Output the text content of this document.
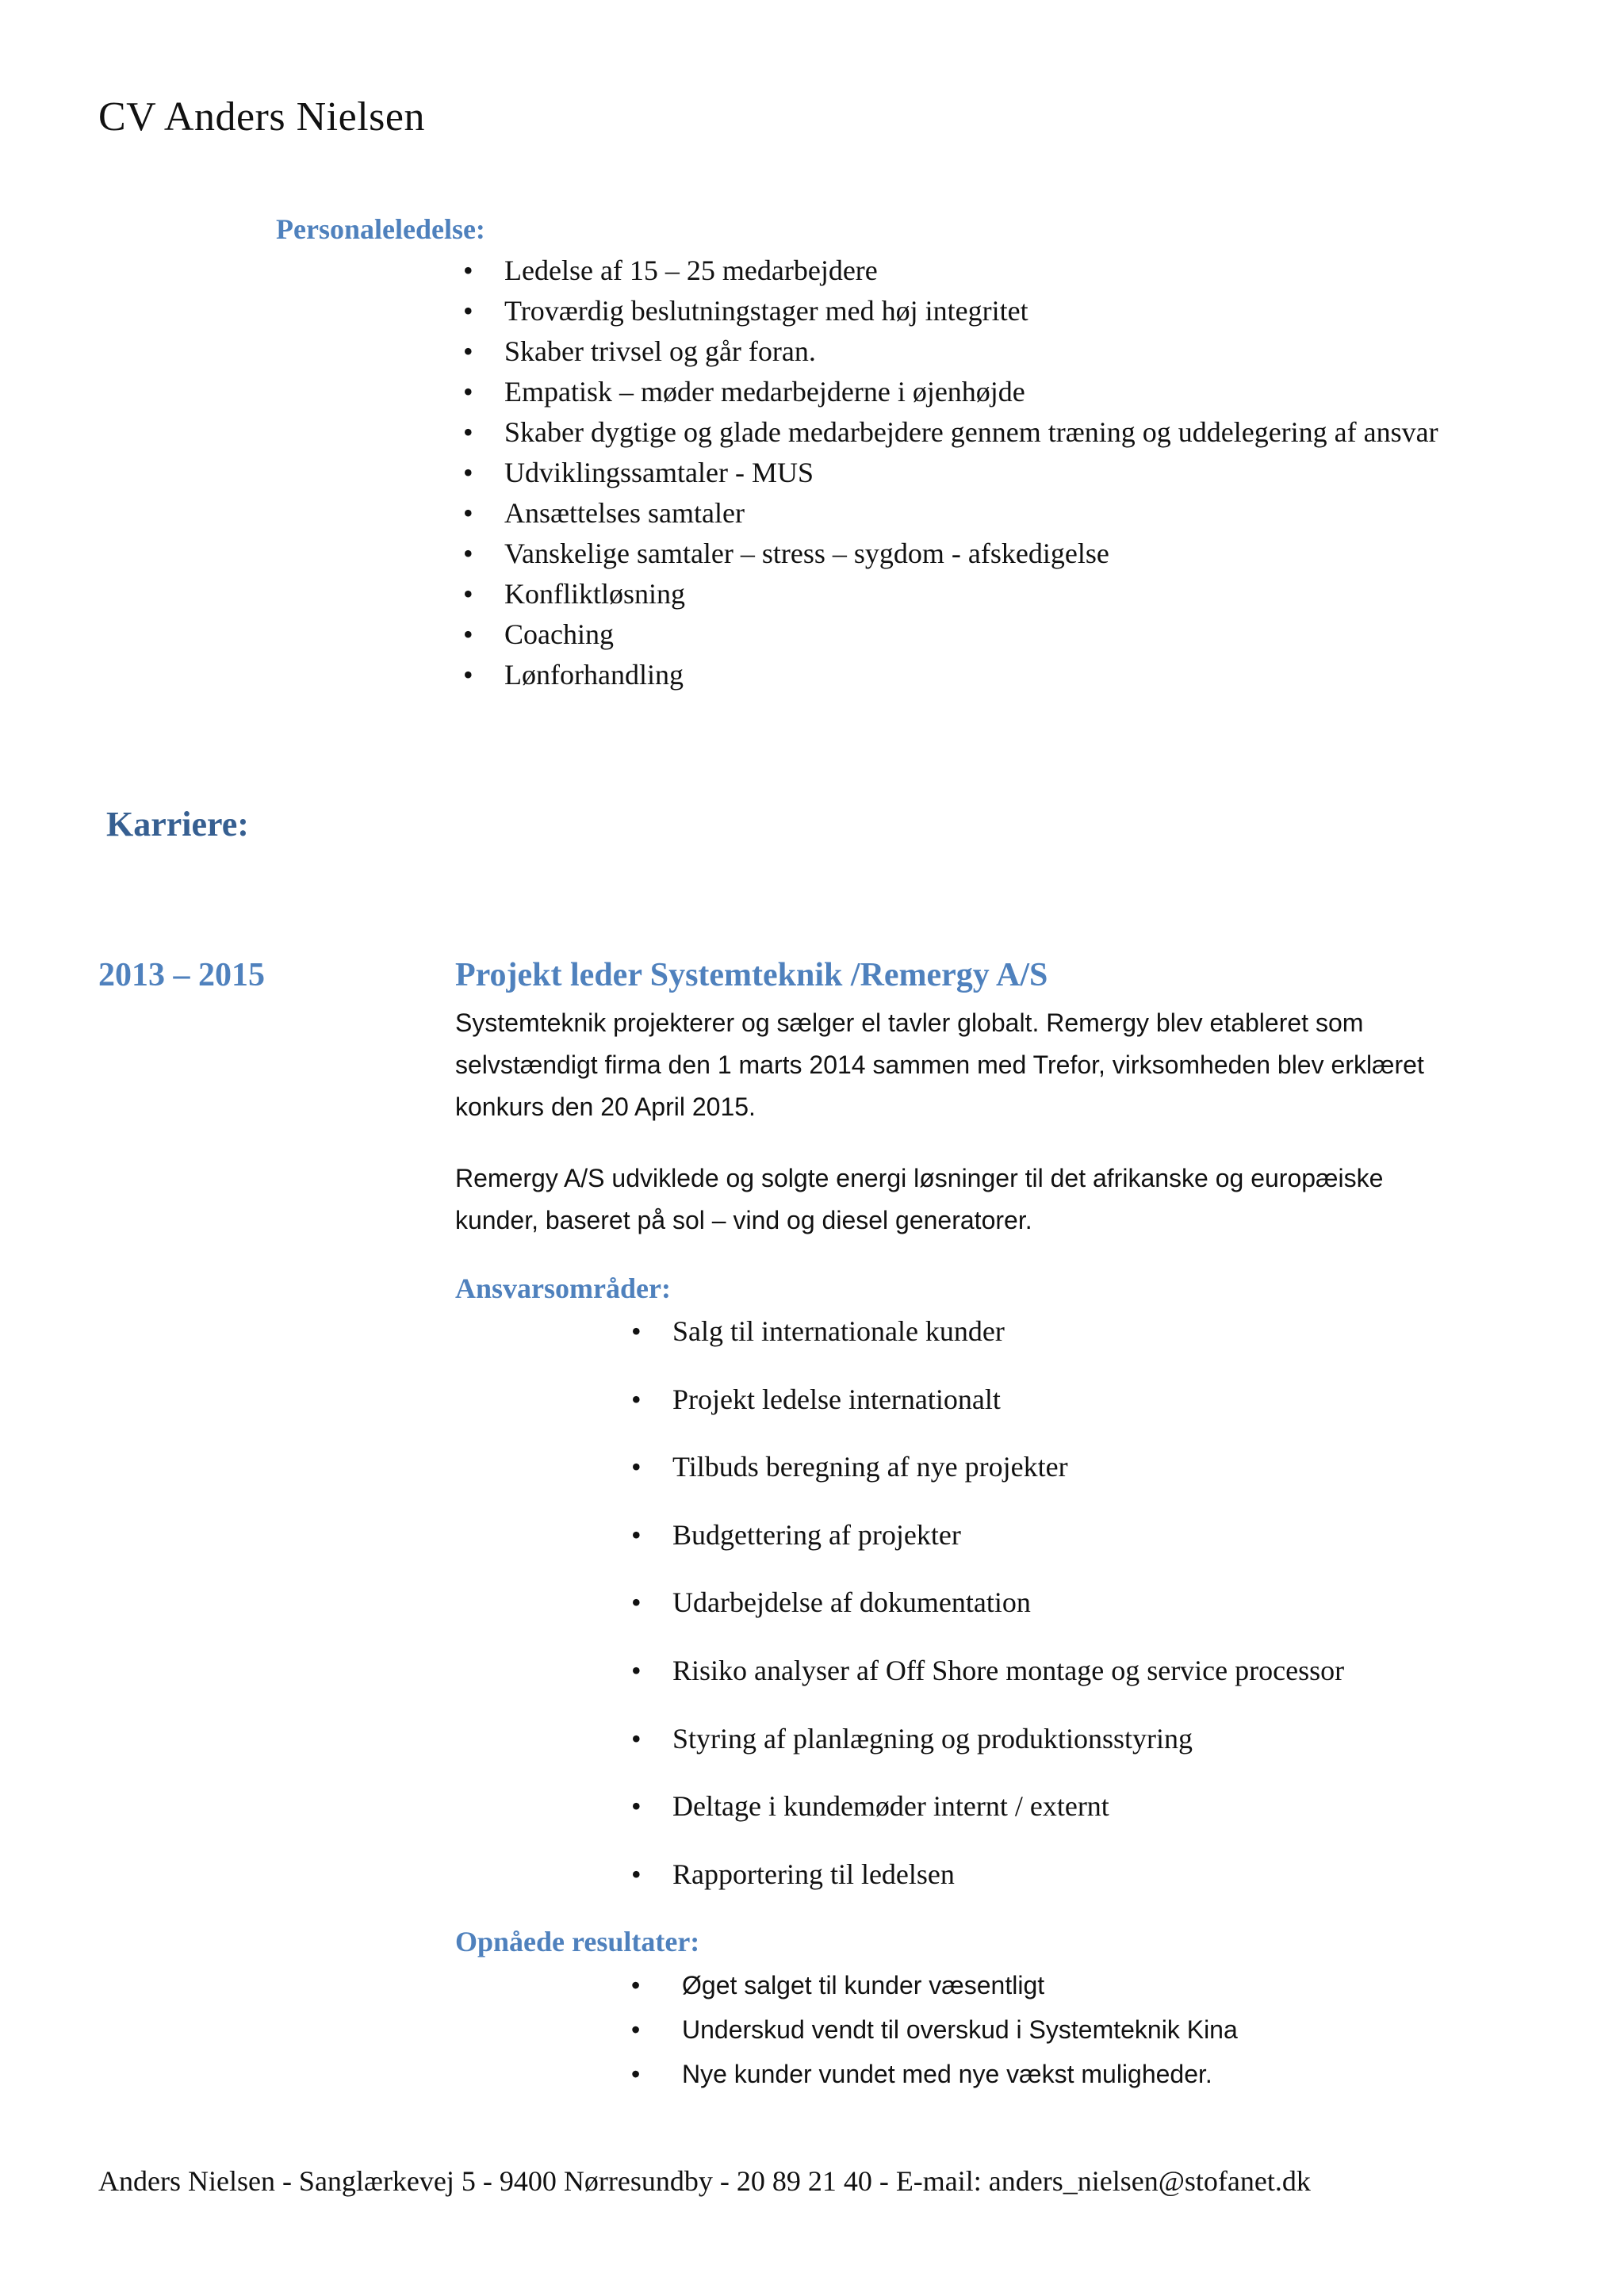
CV Anders Nielsen
Personaleledelse:
• Ledelse af 15 – 25 medarbejdere
• Troværdig beslutningstager med høj integritet
• Skaber trivsel og går foran.
• Empatisk – møder medarbejderne i øjenhøjde
• Skaber dygtige og glade medarbejdere gennem træning og uddelegering af ansvar
• Udviklingssamtaler - MUS
• Ansættelses samtaler
• Vanskelige samtaler – stress – sygdom - afskedigelse
• Konfliktløsning
• Coaching
• Lønforhandling
Karriere:
2013 – 2015	Projekt leder Systemteknik /Remergy A/S
Systemteknik projekterer og sælger el tavler globalt. Remergy blev etableret som selvstændigt firma den 1 marts 2014 sammen med Trefor, virksomheden blev erklæret konkurs den 20 April 2015.
Remergy A/S udviklede og solgte energi løsninger til det afrikanske og europæiske kunder, baseret på sol – vind og diesel generatorer.
Ansvarsområder:
• Salg til internationale kunder
• Projekt ledelse internationalt
• Tilbuds beregning af nye projekter
• Budgettering af projekter
• Udarbejdelse af dokumentation
• Risiko analyser af Off Shore montage og service processor
• Styring af planlægning og produktionsstyring
• Deltage i kundemøder internt / externt
• Rapportering til ledelsen
Opnåede resultater:
• Øget salget til kunder væsentligt
• Underskud vendt til overskud i Systemteknik Kina
• Nye kunder vundet med nye vækst muligheder.
Anders Nielsen - Sanglærkevej 5 - 9400 Nørresundby - 20 89 21 40 - E-mail: anders_nielsen@stofanet.dk
